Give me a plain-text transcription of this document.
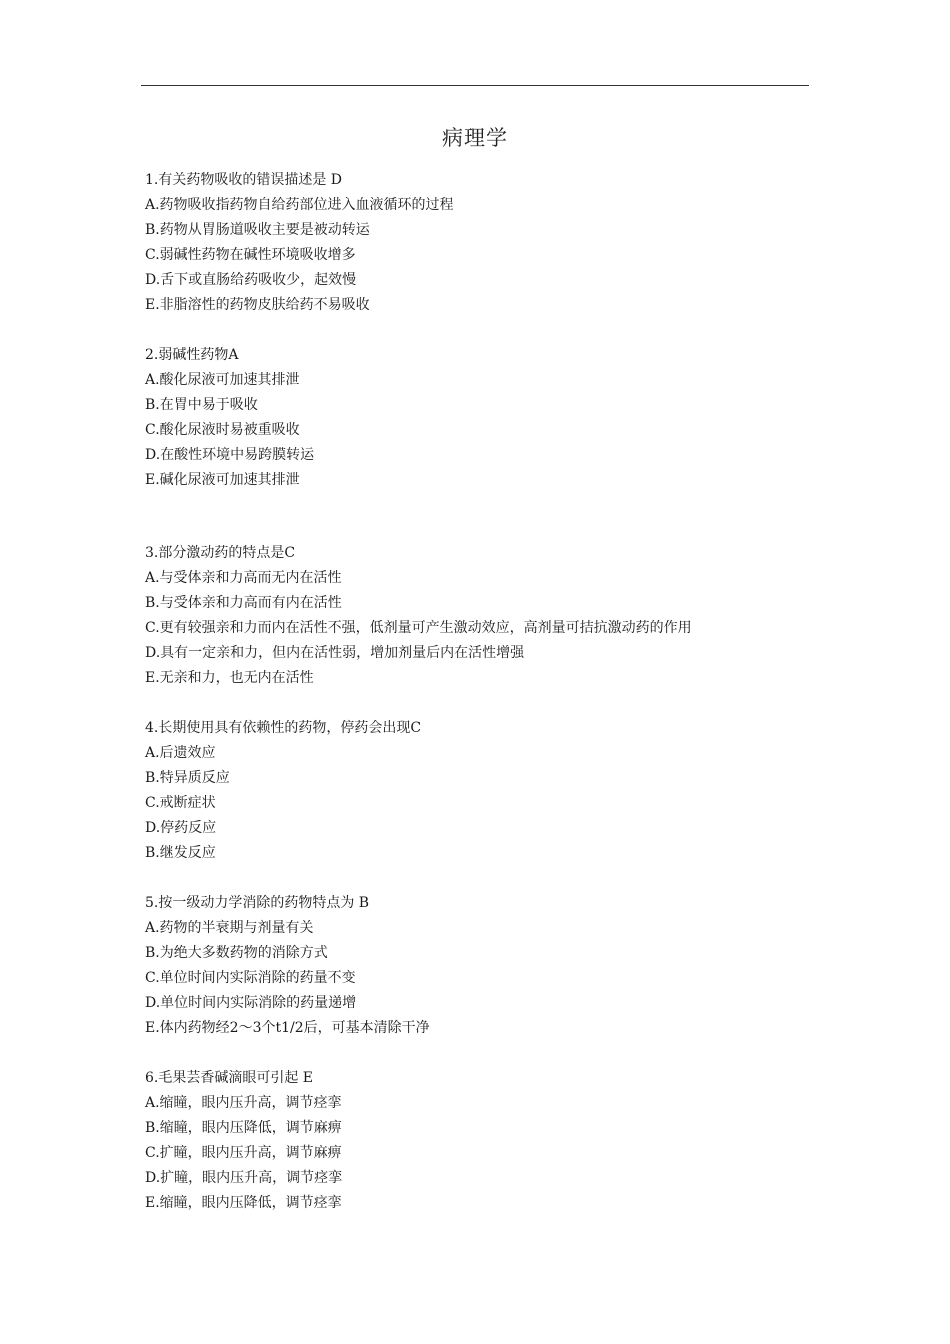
病理学
1.有关药物吸收的错误描述是 D
A.药物吸收指药物自给药部位进入血液循环的过程
B.药物从胃肠道吸收主要是被动转运
C.弱碱性药物在碱性环境吸收增多
D.舌下或直肠给药吸收少，起效慢
E.非脂溶性的药物皮肤给药不易吸收
2.弱碱性药物A
A.酸化尿液可加速其排泄
B.在胃中易于吸收
C.酸化尿液时易被重吸收
D.在酸性环境中易跨膜转运
E.碱化尿液可加速其排泄
3.部分激动药的特点是C
A.与受体亲和力高而无内在活性
B.与受体亲和力高而有内在活性
C.更有较强亲和力而内在活性不强，低剂量可产生激动效应，高剂量可拮抗激动药的作用
D.具有一定亲和力，但内在活性弱，增加剂量后内在活性增强
E.无亲和力，也无内在活性
4.长期使用具有依赖性的药物，停药会出现C
A.后遗效应
B.特异质反应
C.戒断症状
D.停药反应
B.继发反应
5.按一级动力学消除的药物特点为 B
A.药物的半衰期与剂量有关
B.为绝大多数药物的消除方式
C.单位时间内实际消除的药量不变
D.单位时间内实际消除的药量递增
E.体内药物经2～3个t1/2后，可基本清除干净
6.毛果芸香碱滴眼可引起 E
A.缩瞳，眼内压升高，调节痉挛
B.缩瞳，眼内压降低，调节麻痹
C.扩瞳，眼内压升高，调节麻痹
D.扩瞳，眼内压升高，调节痉挛
E.缩瞳，眼内压降低，调节痉挛
